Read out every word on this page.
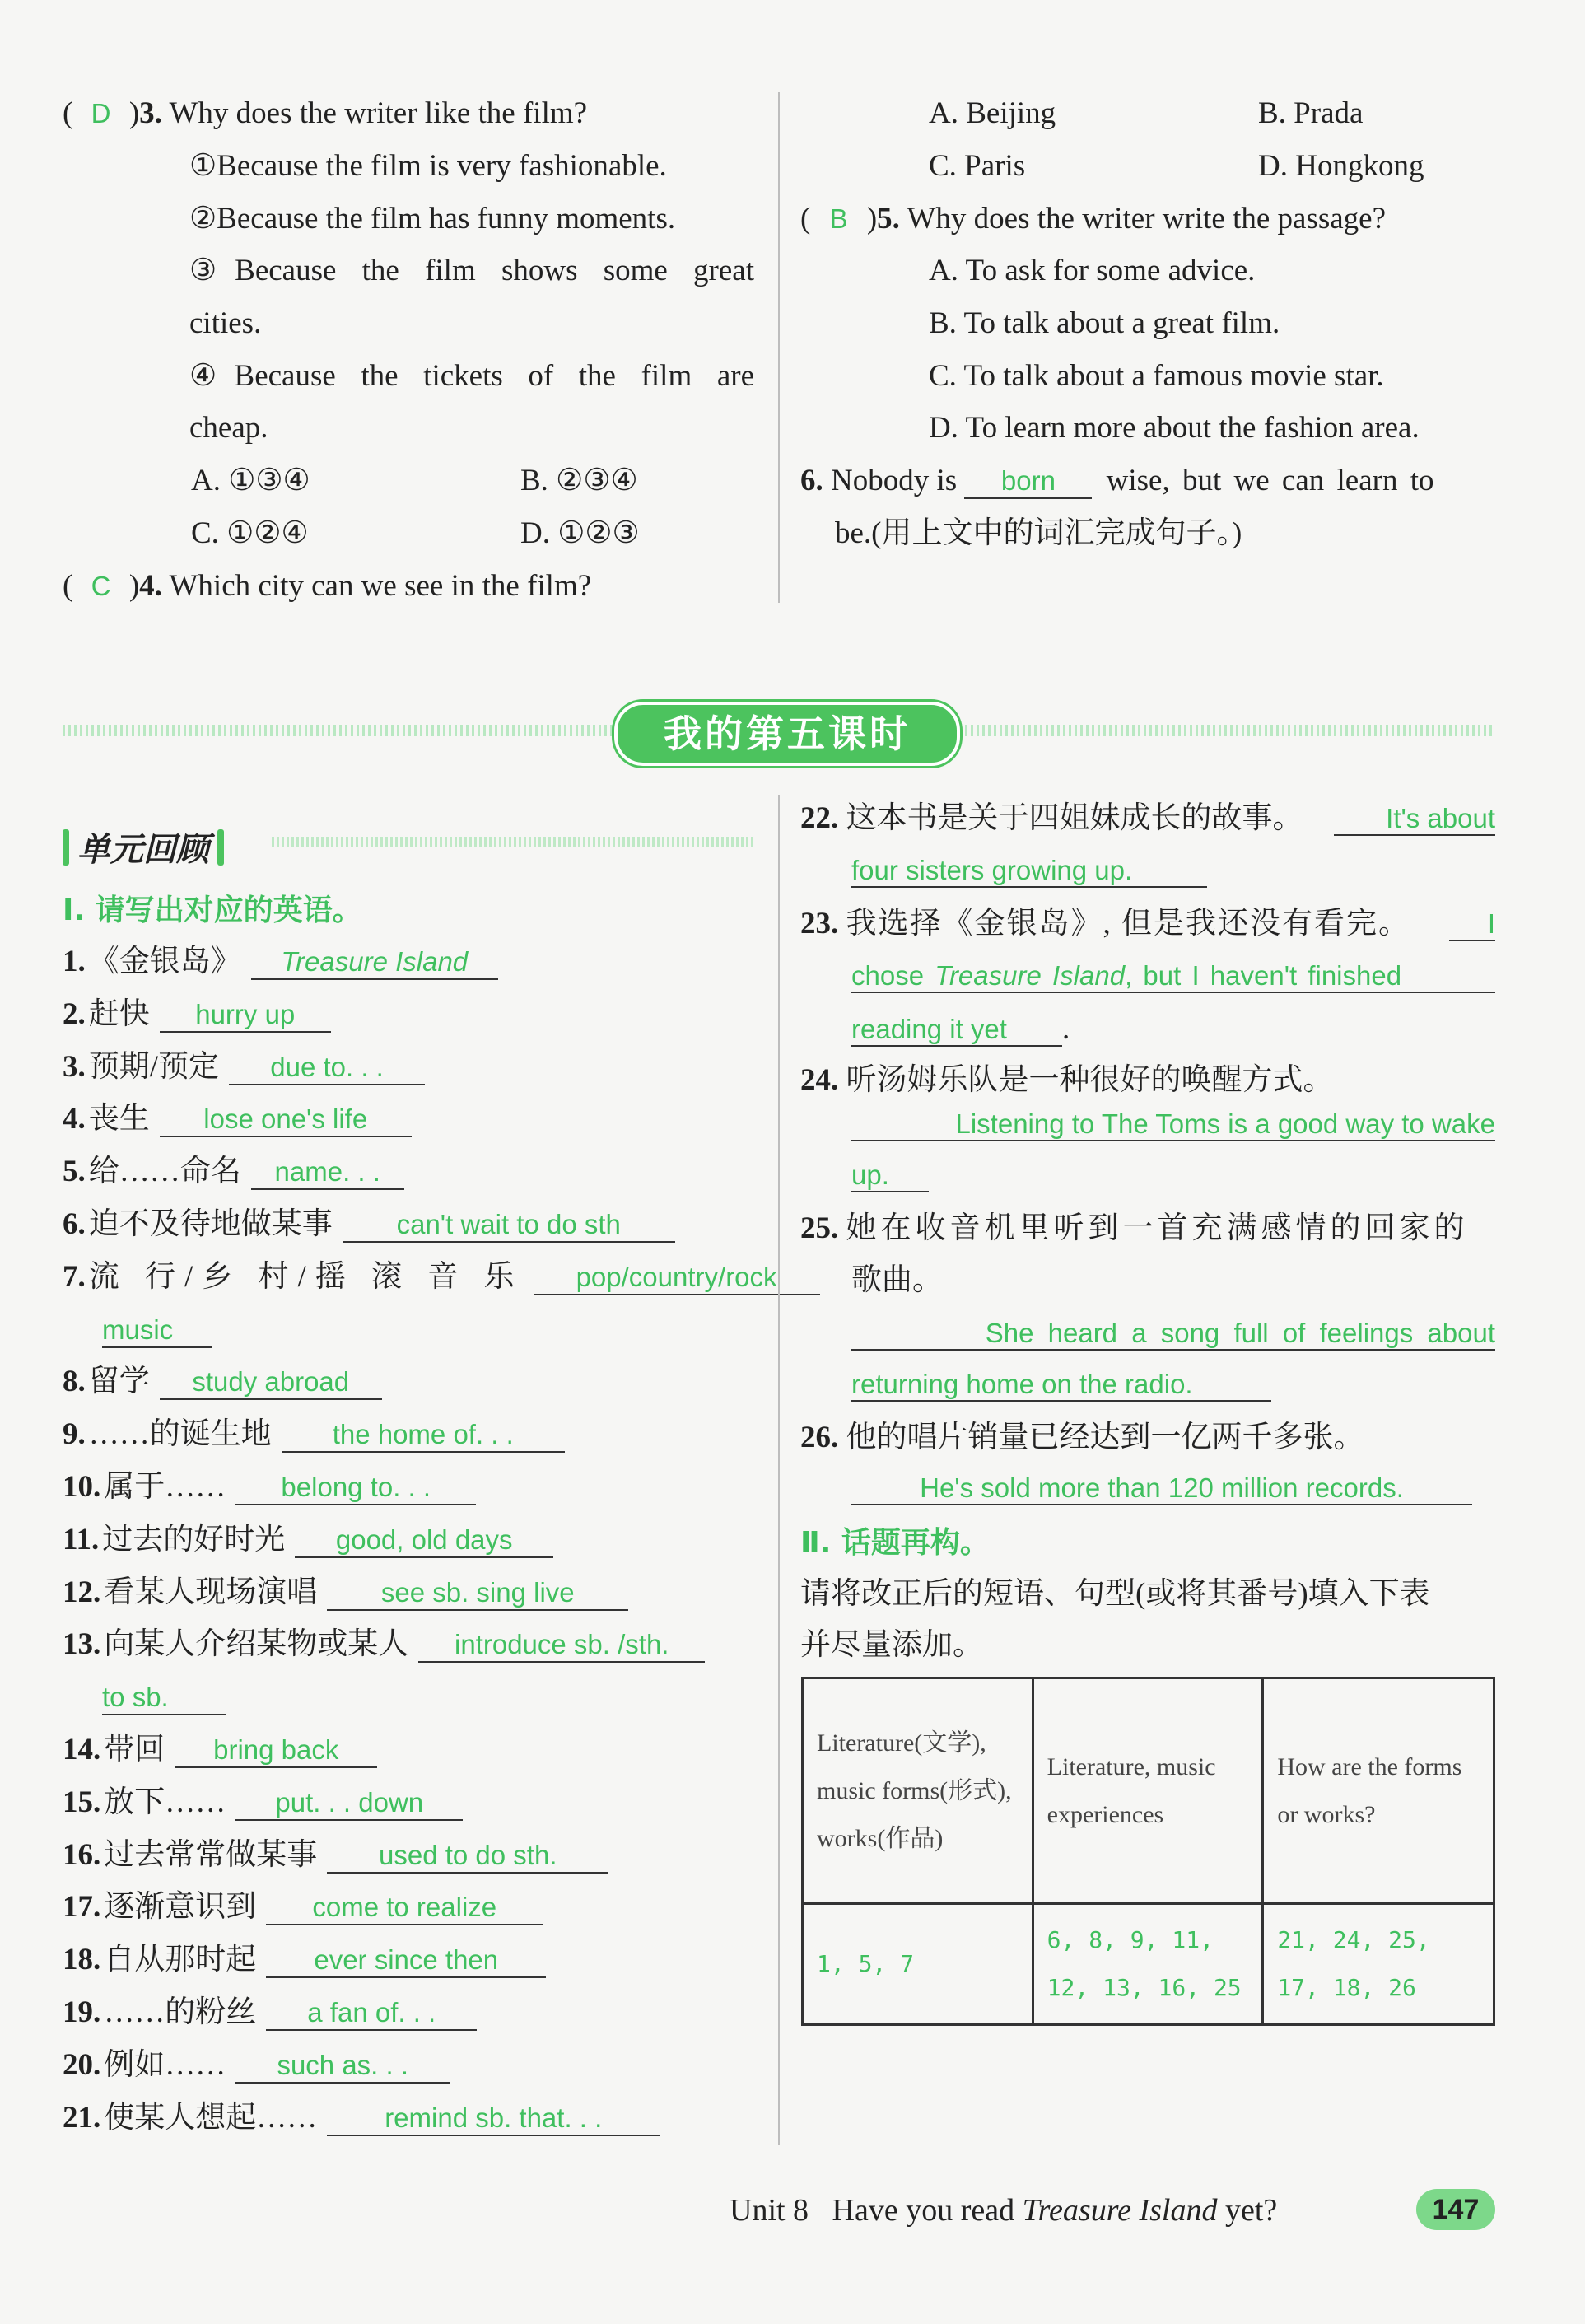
( D )3. Why does the writer like the film?
①Because the film is very fashionable.
②Because the film has funny moments.
③Because the film shows some great
cities.
④Because the tickets of the film are
cheap.
A. ①③④	B. ②③④
C. ①②④	D. ①②③
( C )4. Which city can we see in the film?
A. Beijing	B. Prada
C. Paris	D. Hongkong
( B )5. Why does the writer write the passage?
A. To ask for some advice.
B. To talk about a great film.
C. To talk about a famous movie star.
D. To learn more about the fashion area.
6. Nobody is born wise, but we can learn to
be.(用上文中的词汇完成句子。)
我的第五课时
单元回顾
Ⅰ. 请写出对应的英语。
1. 《金银岛》 Treasure Island
2. 赶快 hurry up
3. 预期/预定 due to. . .
4. 丧生 lose one's life
5. 给……命名 name. . .
6. 迫不及待地做某事 can't wait to do sth
7. 流 行/乡 村/摇 滚 音 乐 pop/country/rock
music
8. 留学 study abroad
9. ……的诞生地 the home of. . .
10. 属于…… belong to. . .
11. 过去的好时光 good, old days
12. 看某人现场演唱 see sb. sing live
13. 向某人介绍某物或某人 introduce sb. /sth.
to sb.
14. 带回 bring back
15. 放下…… put. . . down
16. 过去常常做某事 used to do sth.
17. 逐渐意识到 come to realize
18. 自从那时起 ever since then
19. ……的粉丝 a fan of. . .
20. 例如…… such as. . .
21. 使某人想起…… remind sb. that. . .
22. 这本书是关于四姐妹成长的故事。	It's about
four sisters growing up.
23. 我选择《金银岛》, 但是我还没有看完。	I
chose Treasure Island, but I haven't finished
reading it yet .
24. 听汤姆乐队是一种很好的唤醒方式。
Listening to The Toms is a good way to wake
up.
25. 她在收音机里听到一首充满感情的回家的
歌曲。
She heard a song full of feelings about
returning home on the radio.
26. 他的唱片销量已经达到一亿两千多张。
He's sold more than 120 million records.
Ⅱ. 话题再构。
请将改正后的短语、句型(或将其番号)填入下表
并尽量添加。
Literature(文学), music forms(形式), works(作品)	Literature, music experiences	How are the forms or works?
1, 5, 7	6, 8, 9, 11, 12, 13, 16, 25	21, 24, 25, 17, 18, 26
Unit 8   Have you read Treasure Island yet?	147
